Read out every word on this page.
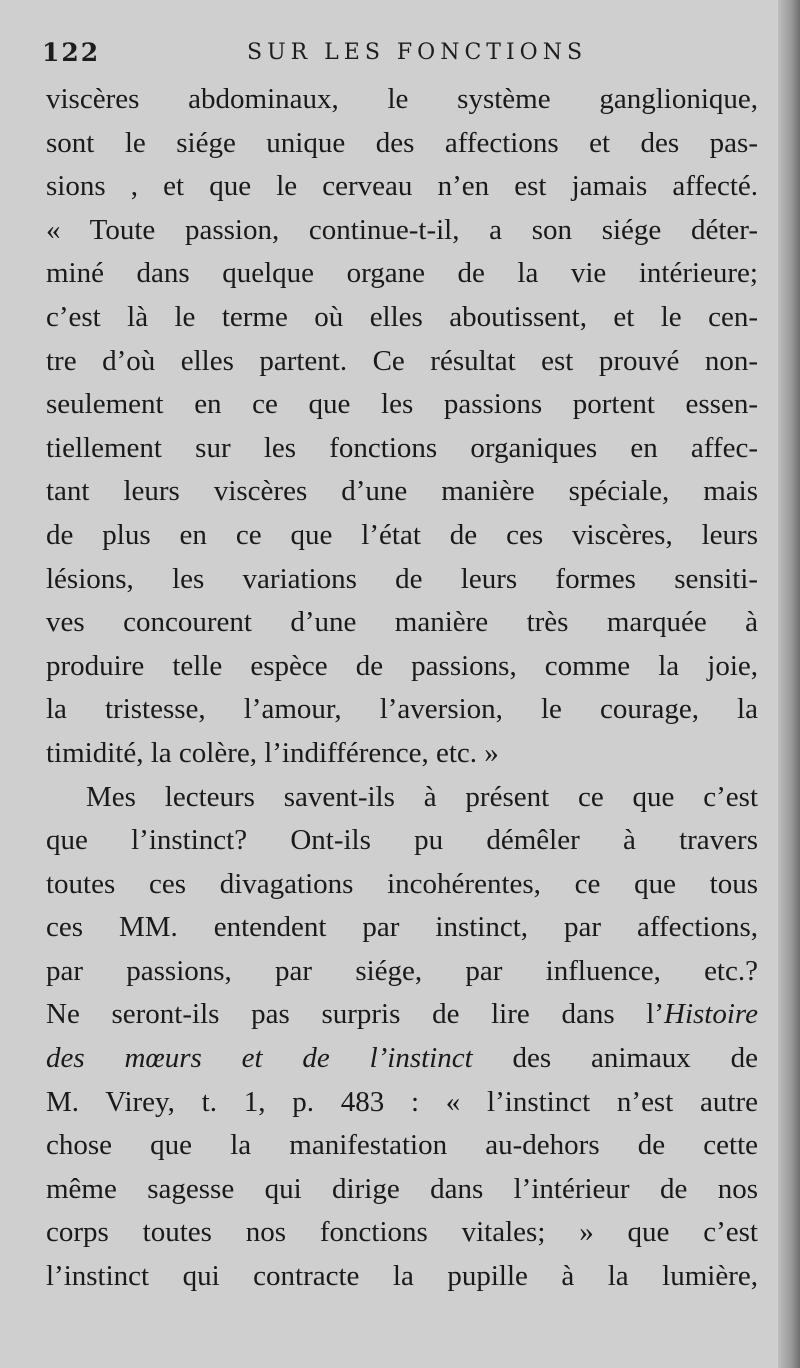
122	SUR LES FONCTIONS
viscères abdominaux, le système ganglionique,
sont le siége unique des affections et des pas-
sions , et que le cerveau n’en est jamais affecté.
« Toute passion, continue-t-il, a son siége déter-
miné dans quelque organe de la vie intérieure;
c’est là le terme où elles aboutissent, et le cen-
tre d’où elles partent. Ce résultat est prouvé non-
seulement en ce que les passions portent essen-
tiellement sur les fonctions organiques en affec-
tant leurs viscères d’une manière spéciale, mais
de plus en ce que l’état de ces viscères, leurs
lésions, les variations de leurs formes sensiti-
ves concourent d’une manière très marquée à
produire telle espèce de passions, comme la joie,
la tristesse, l’amour, l’aversion, le courage, la
timidité, la colère, l’indifférence, etc. »
Mes lecteurs savent-ils à présent ce que c’est
que l’instinct? Ont-ils pu démêler à travers
toutes ces divagations incohérentes, ce que tous
ces MM. entendent par instinct, par affections,
par passions, par siége, par influence, etc.?
Ne seront-ils pas surpris de lire dans l’Histoire
des mœurs et de l’instinct des animaux de
M. Virey, t. 1, p. 483 : « l’instinct n’est autre
chose que la manifestation au-dehors de cette
même sagesse qui dirige dans l’intérieur de nos
corps toutes nos fonctions vitales; » que c’est
l’instinct qui contracte la pupille à la lumière,
